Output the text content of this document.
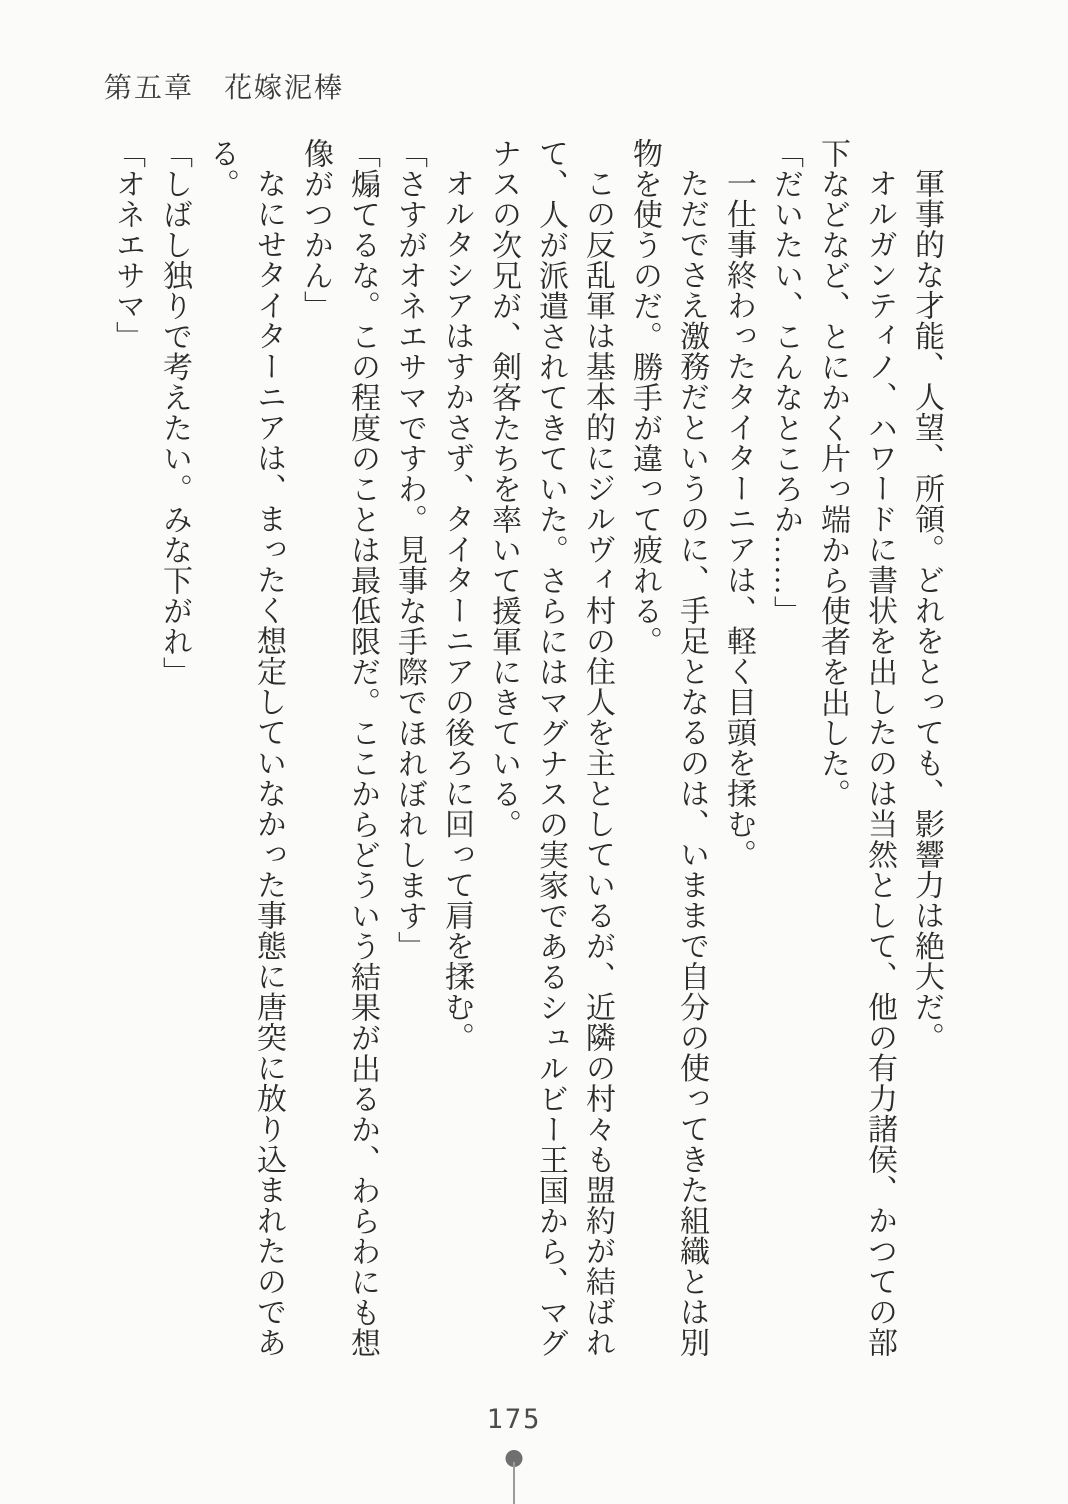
第五章　花嫁泥棒

軍事的な才能、人望、所領。どれをとっても、影響力は絶大だ。

オルガンティノ、ハワードに書状を出したのは当然として、他の有力諸侯、かつての部

下などなど、とにかく片っ端から使者を出した。

「だいたい、こんなところか……」

一仕事終わったタイターニアは、軽く目頭を揉む。

ただでさえ激務だというのに、手足となるのは、いままで自分の使ってきた組織とは別

物を使うのだ。勝手が違って疲れる。

この反乱軍は基本的にジルヴィ村の住人を主としているが、近隣の村々も盟約が結ばれ

て、人が派遣されてきていた。さらにはマグナスの実家であるシュルビー王国から、マグ

ナスの次兄が、剣客たちを率いて援軍にきている。

オルタシアはすかさず、タイターニアの後ろに回って肩を揉む。

「さすがオネエサマですわ。見事な手際でほれぼれします」

「煽てるな。この程度のことは最低限だ。ここからどういう結果が出るか、わらわにも想

像がつかん」

なにせタイターニアは、まったく想定していなかった事態に唐突に放り込まれたのであ

る。

「しばし独りで考えたい。みな下がれ」

「オネエサマ」

175
